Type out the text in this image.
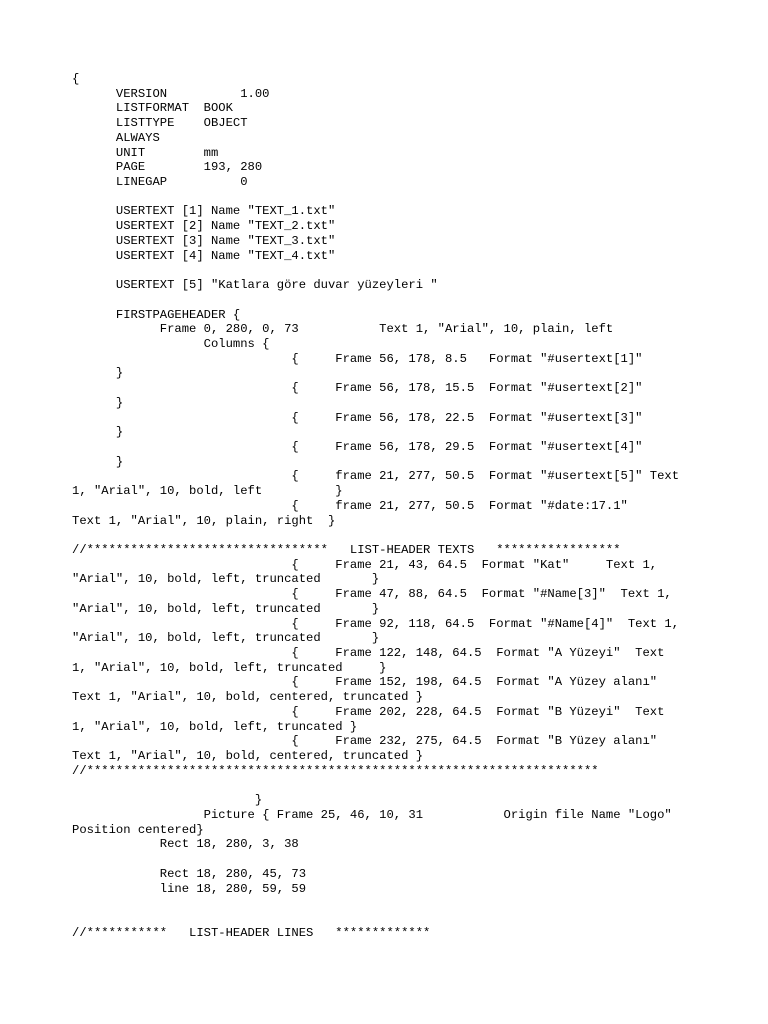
{
VERSION          1.00
LISTFORMAT  BOOK
LISTTYPE    OBJECT
ALWAYS
UNIT        mm
PAGE        193, 280
LINEGAP          0
USERTEXT [1] Name "TEXT_1.txt"
USERTEXT [2] Name "TEXT_2.txt"
USERTEXT [3] Name "TEXT_3.txt"
USERTEXT [4] Name "TEXT_4.txt"
USERTEXT [5] "Katlara göre duvar yüzeyleri "
FIRSTPAGEHEADER {
Frame 0, 280, 0, 73           Text 1, "Arial", 10, plain, left
Columns {
{     Frame 56, 178, 8.5   Format "#usertext[1]"
}
{     Frame 56, 178, 15.5  Format "#usertext[2]"
}
{     Frame 56, 178, 22.5  Format "#usertext[3]"
}
{     Frame 56, 178, 29.5  Format "#usertext[4]"
}
{     frame 21, 277, 50.5  Format "#usertext[5]" Text
1, "Arial", 10, bold, left          }
{     frame 21, 277, 50.5  Format "#date:17.1"
Text 1, "Arial", 10, plain, right  }
//*********************************   LIST-HEADER TEXTS   *****************
{     Frame 21, 43, 64.5  Format "Kat"     Text 1,
"Arial", 10, bold, left, truncated       }
{     Frame 47, 88, 64.5  Format "#Name[3]"  Text 1,
"Arial", 10, bold, left, truncated       }
{     Frame 92, 118, 64.5  Format "#Name[4]"  Text 1,
"Arial", 10, bold, left, truncated       }
{     Frame 122, 148, 64.5  Format "A Yüzeyi"  Text
1, "Arial", 10, bold, left, truncated     }
{     Frame 152, 198, 64.5  Format "A Yüzey alanı"
Text 1, "Arial", 10, bold, centered, truncated }
{     Frame 202, 228, 64.5  Format "B Yüzeyi"  Text
1, "Arial", 10, bold, left, truncated }
{     Frame 232, 275, 64.5  Format "B Yüzey alanı"
Text 1, "Arial", 10, bold, centered, truncated }
//**********************************************************************
}
Picture { Frame 25, 46, 10, 31           Origin file Name "Logo"
Position centered}
Rect 18, 280, 3, 38
Rect 18, 280, 45, 73
line 18, 280, 59, 59
//***********   LIST-HEADER LINES   *************
